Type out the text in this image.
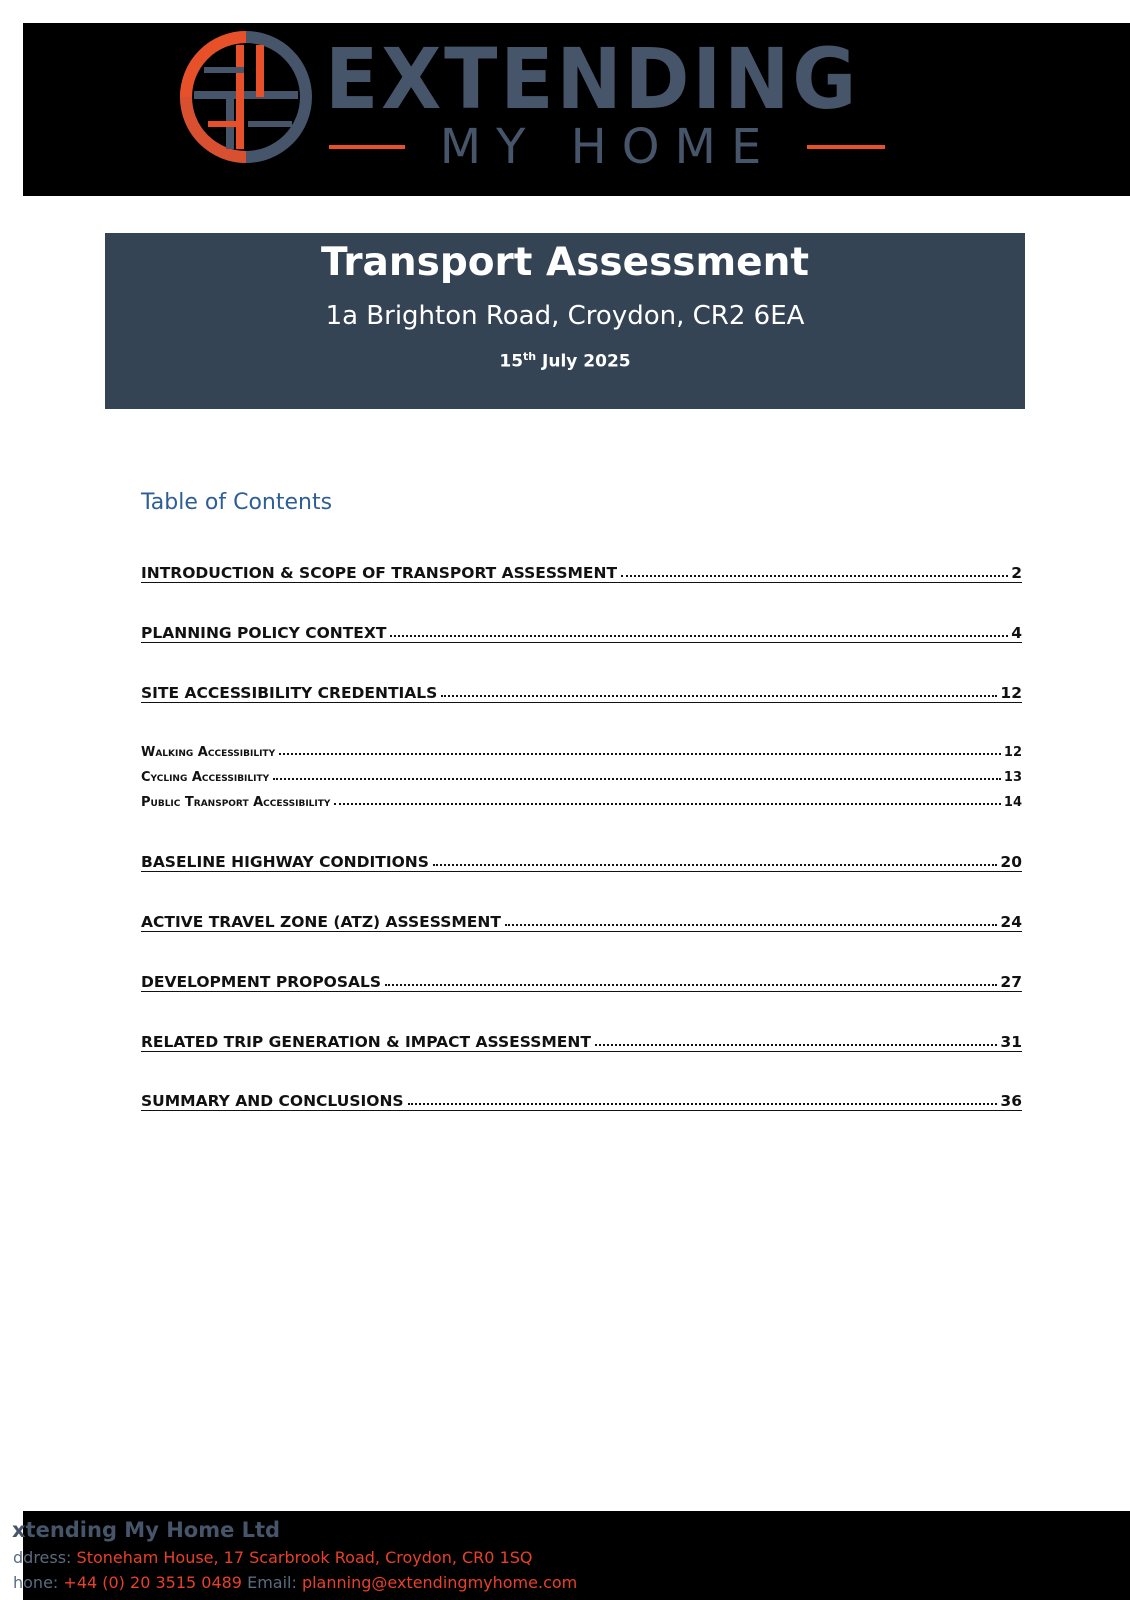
EXTENDING
MY HOME
Transport Assessment
1a Brighton Road, Croydon, CR2 6EA
15th July 2025
Table of Contents
INTRODUCTION & SCOPE OF TRANSPORT ASSESSMENT	2
PLANNING POLICY CONTEXT	4
SITE ACCESSIBILITY CREDENTIALS	12
Walking Accessibility	12
Cycling Accessibility	13
Public Transport Accessibility	14
BASELINE HIGHWAY CONDITIONS	20
ACTIVE TRAVEL ZONE (ATZ) ASSESSMENT	24
DEVELOPMENT PROPOSALS	27
RELATED TRIP GENERATION & IMPACT ASSESSMENT	31
SUMMARY AND CONCLUSIONS	36
xtending My Home Ltd
ddress: Stoneham House, 17 Scarbrook Road, Croydon, CR0 1SQ
hone: +44 (0) 20 3515 0489 Email: planning@extendingmyhome.com
